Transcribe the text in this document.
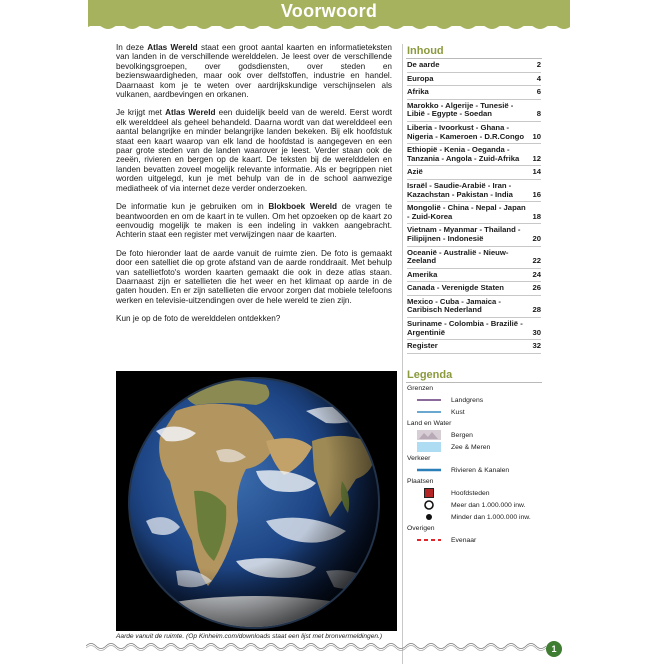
Voorwoord

In deze Atlas Wereld staat een groot aantal kaarten en informatieteksten van landen in de verschillende werelddelen. Je leest over de verschillende bevolkingsgroepen, over godsdiensten, over steden en bezienswaardigheden, maar ook over delfstoffen, industrie en handel. Daarnaast kom je te weten over aardrijkskundige verschijnselen als vulkanen, aardbevingen en orkanen.

Je krijgt met Atlas Wereld een duidelijk beeld van de wereld. Eerst wordt elk werelddeel als geheel behandeld. Daarna wordt van dat werelddeel een aantal belangrijke en minder belangrijke landen bekeken. Bij elk hoofdstuk staat een kaart waarop van elk land de hoofdstad is aangegeven en een paar grote steden van de landen waarover je leest. Verder staan ook de zeeën, rivieren en bergen op de kaart. De teksten bij de werelddelen en landen bevatten zoveel mogelijk relevante informatie. Als er begrippen niet worden uitgelegd, kun je met behulp van de in de school aanwezige mediatheek of via internet deze verder onderzoeken.

De informatie kun je gebruiken om in Blokboek Wereld de vragen te beantwoorden en om de kaart in te vullen. Om het opzoeken op de kaart zo eenvoudig mogelijk te maken is een indeling in vakken aangebracht. Achterin staat een register met verwijzingen naar de kaarten.

De foto hieronder laat de aarde vanuit de ruimte zien. De foto is gemaakt door een satelliet die op grote afstand van de aarde ronddraait. Met behulp van satellietfoto's worden kaarten gemaakt die ook in deze atlas staan. Daarnaast zijn er satellieten die het weer en het klimaat op aarde in de gaten houden. En er zijn satellieten die ervoor zorgen dat mobiele telefoons werken en televisie-uitzendingen over de hele wereld te zien zijn.

Kun je op de foto de werelddelen ontdekken?

Aarde vanuit de ruimte. (Op Kinheim.com/downloads staat een lijst met bronvermeldingen.)
Inhoud
De aarde	2
Europa	4
Afrika	6
Marokko - Algerije - Tunesië - Libië - Egypte - Soedan	8
Liberia - Ivoorkust - Ghana - Nigeria - Kameroen - D.R.Congo	10
Ethiopië - Kenia - Oeganda - Tanzania - Angola - Zuid-Afrika	12
Azië	14
Israël - Saudie-Arabië - Iran - Kazachstan - Pakistan - India	16
Mongolië - China - Nepal - Japan - Zuid-Korea	18
Vietnam - Myanmar - Thailand - Filipijnen - Indonesië	20
Oceanië - Australië - Nieuw-Zeeland	22
Amerika	24
Canada - Verenigde Staten	26
Mexico - Cuba - Jamaica - Caribisch Nederland	28
Suriname - Colombia - Brazilië - Argentinië	30
Register	32
Legenda
Grenzen
Landgrens
Kust
Land en Water
Bergen
Zee & Meren
Verkeer
Rivieren & Kanalen
Plaatsen
Hoofdsteden
Meer dan 1.000.000 inw.
Minder dan 1.000.000 inw.
Overigen
Evenaar
1
